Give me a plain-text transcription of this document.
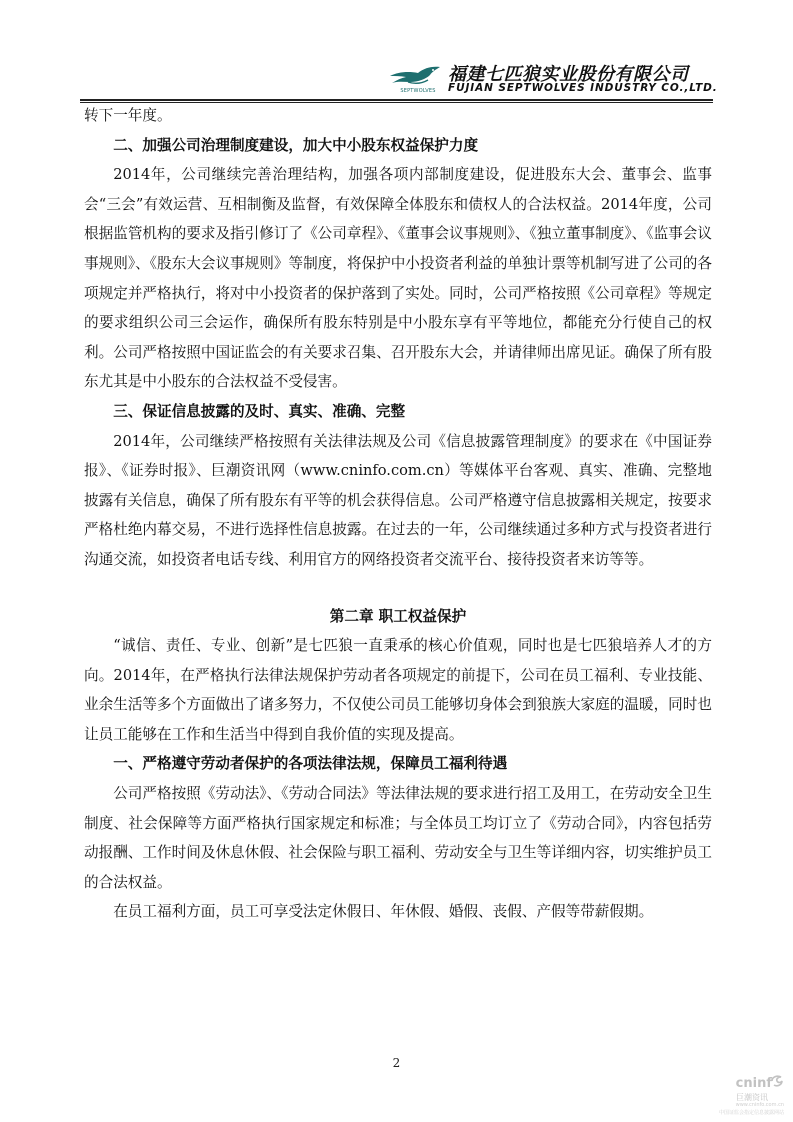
SEPTWOLVES
福建七匹狼实业股份有限公司
FUJIAN SEPTWOLVES INDUSTRY CO.,LTD.

转下一年度。

二、加强公司治理制度建设，加大中小股东权益保护力度

2014年，公司继续完善治理结构，加强各项内部制度建设，促进股东大会、董事会、监事会“三会”有效运营、互相制衡及监督，有效保障全体股东和债权人的合法权益。2014年度，公司根据监管机构的要求及指引修订了《公司章程》、《董事会议事规则》、《独立董事制度》、《监事会议事规则》、《股东大会议事规则》等制度，将保护中小投资者利益的单独计票等机制写进了公司的各项规定并严格执行，将对中小投资者的保护落到了实处。同时，公司严格按照《公司章程》等规定的要求组织公司三会运作，确保所有股东特别是中小股东享有平等地位，都能充分行使自己的权利。公司严格按照中国证监会的有关要求召集、召开股东大会，并请律师出席见证。确保了所有股东尤其是中小股东的合法权益不受侵害。

三、保证信息披露的及时、真实、准确、完整

2014年，公司继续严格按照有关法律法规及公司《信息披露管理制度》的要求在《中国证券报》、《证券时报》、巨潮资讯网（www.cninfo.com.cn）等媒体平台客观、真实、准确、完整地披露有关信息，确保了所有股东有平等的机会获得信息。公司严格遵守信息披露相关规定，按要求严格杜绝内幕交易，不进行选择性信息披露。在过去的一年，公司继续通过多种方式与投资者进行沟通交流，如投资者电话专线、利用官方的网络投资者交流平台、接待投资者来访等等。

第二章 职工权益保护

“诚信、责任、专业、创新”是七匹狼一直秉承的核心价值观，同时也是七匹狼培养人才的方向。2014年，在严格执行法律法规保护劳动者各项规定的前提下，公司在员工福利、专业技能、业余生活等多个方面做出了诸多努力，不仅使公司员工能够切身体会到狼族大家庭的温暖，同时也让员工能够在工作和生活当中得到自我价值的实现及提高。

一、严格遵守劳动者保护的各项法律法规，保障员工福利待遇

公司严格按照《劳动法》、《劳动合同法》等法律法规的要求进行招工及用工，在劳动安全卫生制度、社会保障等方面严格执行国家规定和标准；与全体员工均订立了《劳动合同》，内容包括劳动报酬、工作时间及休息休假、社会保险与职工福利、劳动安全与卫生等详细内容，切实维护员工的合法权益。

在员工福利方面，员工可享受法定休假日、年休假、婚假、丧假、产假等带薪假期。

2
cninf
巨潮资讯
www.cninfo.com.cn
中国证监会指定信息披露网站
